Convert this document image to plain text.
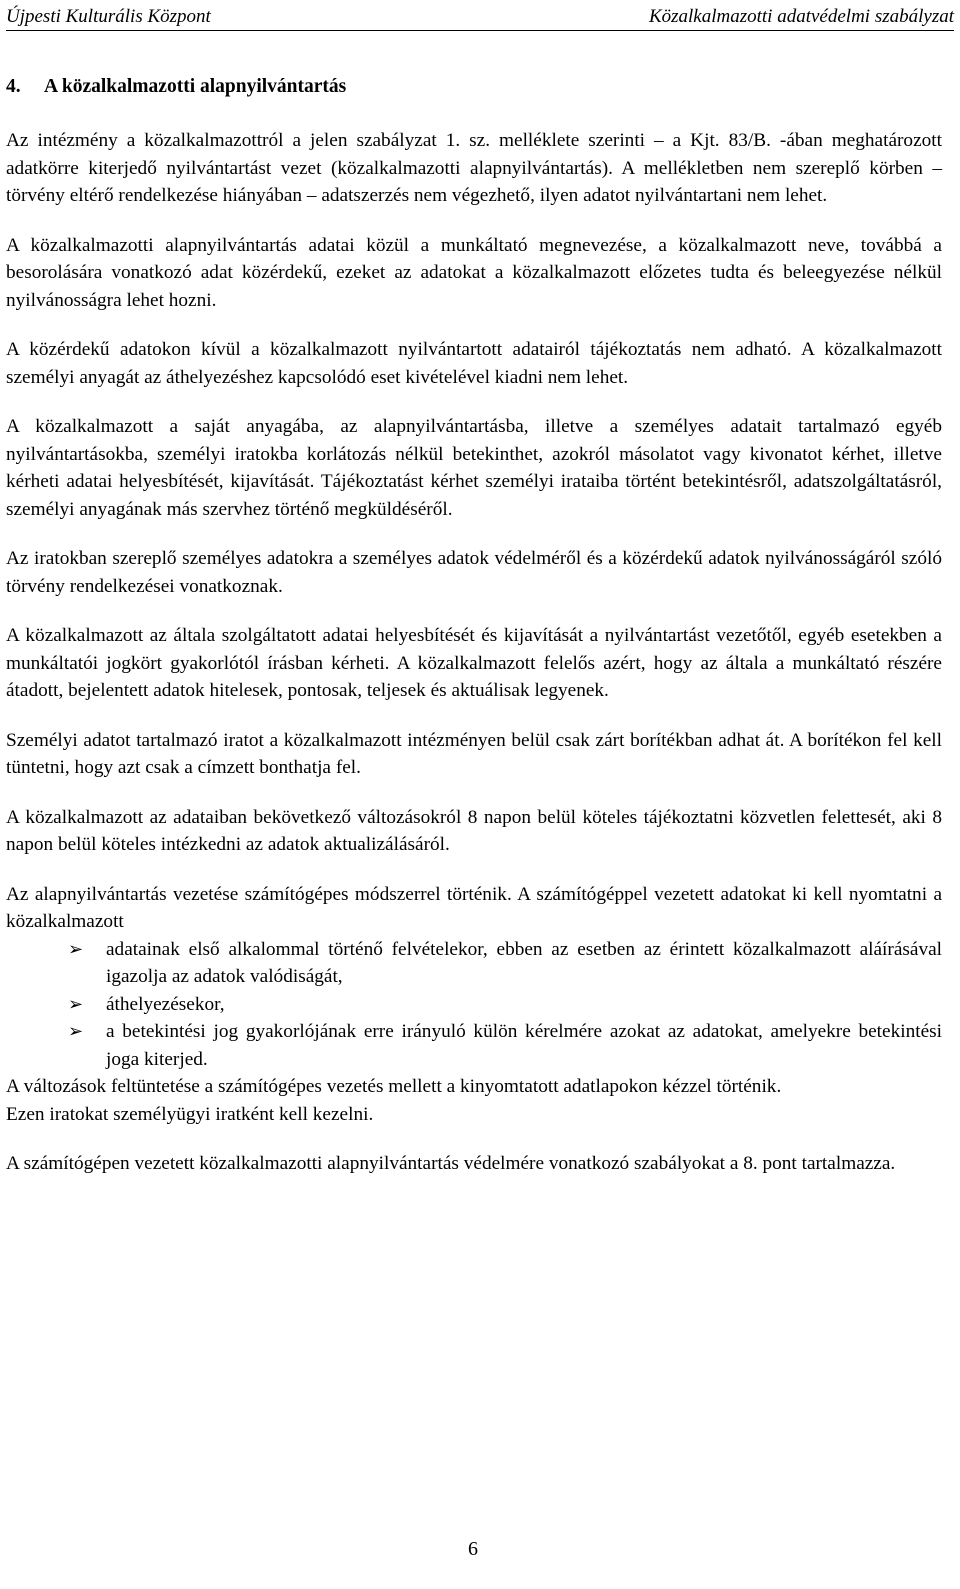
Újpesti Kulturális Központ	Közalkalmazotti adatvédelmi szabályzat
4. A közalkalmazotti alapnyilvántartás

Az intézmény a közalkalmazottról a jelen szabályzat 1. sz. melléklete szerinti – a Kjt. 83/B. -ában meghatározott adatkörre kiterjedő nyilvántartást vezet (közalkalmazotti alapnyilvántartás). A mellékletben nem szereplő körben – törvény eltérő rendelkezése hiányában – adatszerzés nem végezhető, ilyen adatot nyilvántartani nem lehet.

A közalkalmazotti alapnyilvántartás adatai közül a munkáltató megnevezése, a közalkalmazott neve, továbbá a besorolására vonatkozó adat közérdekű, ezeket az adatokat a közalkalmazott előzetes tudta és beleegyezése nélkül nyilvánosságra lehet hozni.

A közérdekű adatokon kívül a közalkalmazott nyilvántartott adatairól tájékoztatás nem adható. A közalkalmazott személyi anyagát az áthelyezéshez kapcsolódó eset kivételével kiadni nem lehet.

A közalkalmazott a saját anyagába, az alapnyilvántartásba, illetve a személyes adatait tartalmazó egyéb nyilvántartásokba, személyi iratokba korlátozás nélkül betekinthet, azokról másolatot vagy kivonatot kérhet, illetve kérheti adatai helyesbítését, kijavítását. Tájékoztatást kérhet személyi irataiba történt betekintésről, adatszolgáltatásról, személyi anyagának más szervhez történő megküldéséről.

Az iratokban szereplő személyes adatokra a személyes adatok védelméről és a közérdekű adatok nyilvánosságáról szóló törvény rendelkezései vonatkoznak.

A közalkalmazott az általa szolgáltatott adatai helyesbítését és kijavítását a nyilvántartást vezetőtől, egyéb esetekben a munkáltatói jogkört gyakorlótól írásban kérheti. A közalkalmazott felelős azért, hogy az általa a munkáltató részére átadott, bejelentett adatok hitelesek, pontosak, teljesek és aktuálisak legyenek.

Személyi adatot tartalmazó iratot a közalkalmazott intézményen belül csak zárt borítékban adhat át. A borítékon fel kell tüntetni, hogy azt csak a címzett bonthatja fel.

A közalkalmazott az adataiban bekövetkező változásokról 8 napon belül köteles tájékoztatni közvetlen felettesét, aki 8 napon belül köteles intézkedni az adatok aktualizálásáról.

Az alapnyilvántartás vezetése számítógépes módszerrel történik. A számítógéppel vezetett adatokat ki kell nyomtatni a közalkalmazott

➢ adatainak első alkalommal történő felvételekor, ebben az esetben az érintett közalkalmazott aláírásával igazolja az adatok valódiságát,
➢ áthelyezésekor,
➢ a betekintési jog gyakorlójának erre irányuló külön kérelmére azokat az adatokat, amelyekre betekintési joga kiterjed.

A változások feltüntetése a számítógépes vezetés mellett a kinyomtatott adatlapokon kézzel történik.

Ezen iratokat személyügyi iratként kell kezelni.

A számítógépen vezetett közalkalmazotti alapnyilvántartás védelmére vonatkozó szabályokat a 8. pont tartalmazza.

6
